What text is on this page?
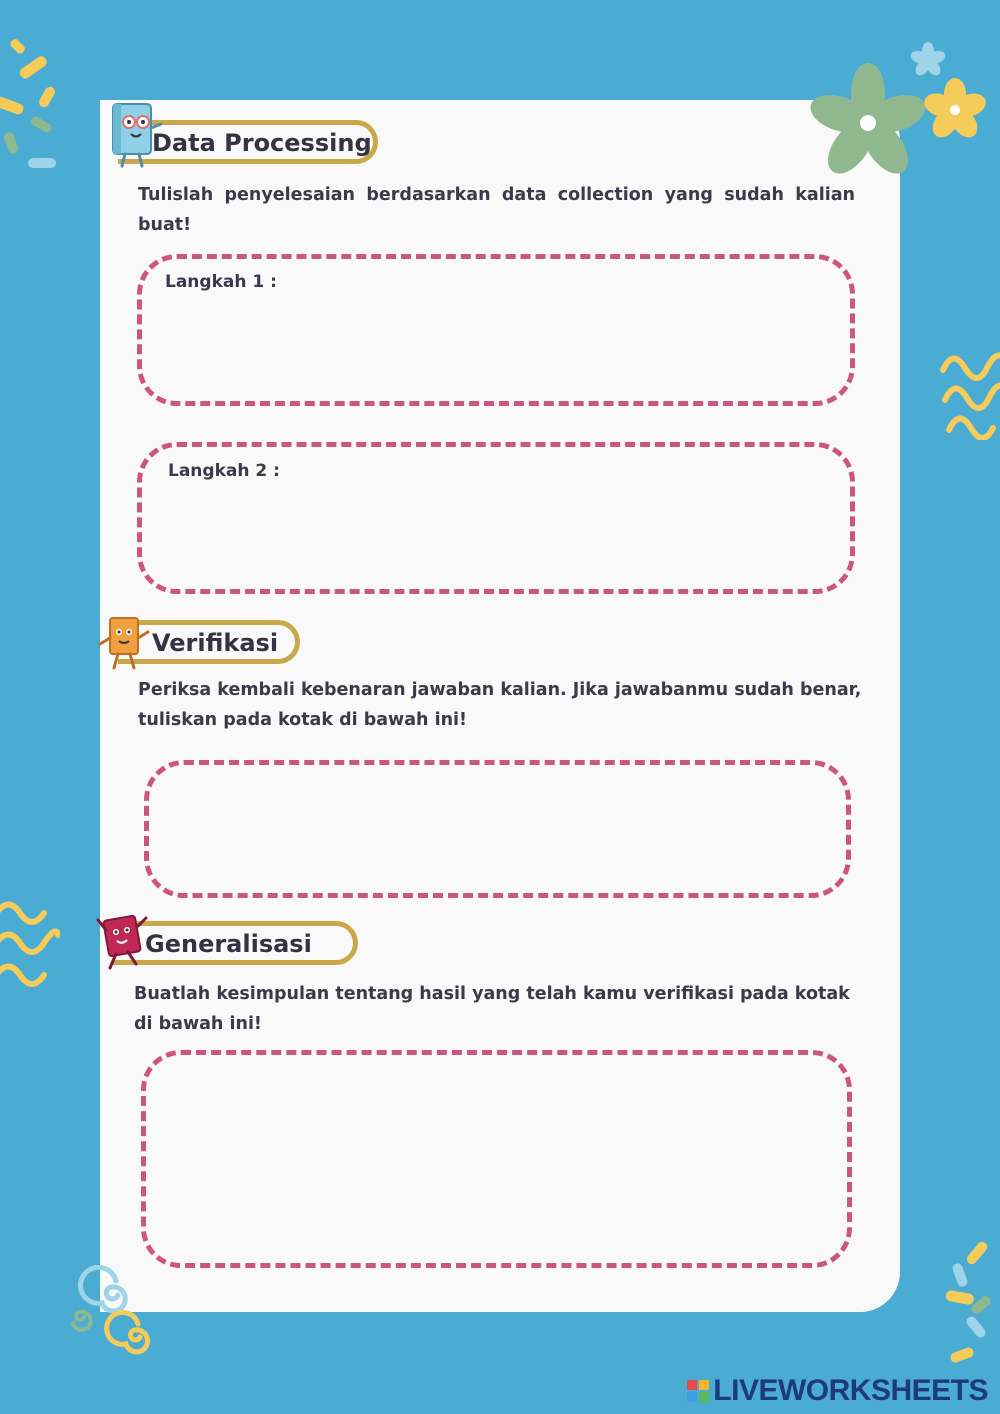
Data Processing

Tulislah penyelesaian berdasarkan data collection yang sudah kalian buat!

Langkah 1 :
Langkah 2 :
Verifikasi

Periksa kembali kebenaran jawaban kalian. Jika jawabanmu sudah benar,

tuliskan pada kotak di bawah ini!

Generalisasi

Buatlah kesimpulan tentang hasil yang telah kamu verifikasi pada kotak

di bawah ini!

LIVEWORKSHEETS
